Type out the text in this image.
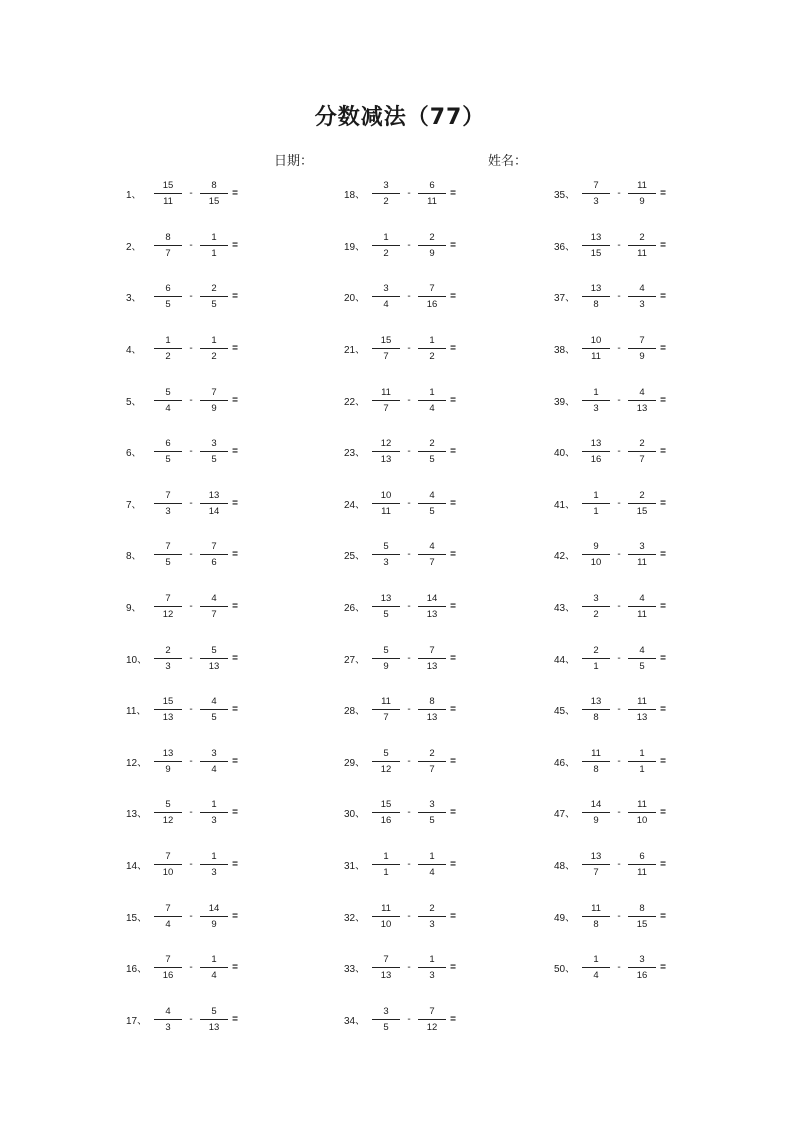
分数减法（77）
日期：	姓名：
1、	$\frac{15}{11} - \frac{8}{15}$ =
2、	$\frac{8}{7} - \frac{1}{1}$ =
3、	$\frac{6}{5} - \frac{2}{5}$ =
4、	$\frac{1}{2} - \frac{1}{2}$ =
5、	$\frac{5}{4} - \frac{7}{9}$ =
6、	$\frac{6}{5} - \frac{3}{5}$ =
7、	$\frac{7}{3} - \frac{13}{14}$ =
8、	$\frac{7}{5} - \frac{7}{6}$ =
9、	$\frac{7}{12} - \frac{4}{7}$ =
10、 $\frac{2}{3} - \frac{5}{13}$ =
11、 $\frac{15}{13} - \frac{4}{5}$ =
12、 $\frac{13}{9} - \frac{3}{4}$ =
13、 $\frac{5}{12} - \frac{1}{3}$ =
14、 $\frac{7}{10} - \frac{1}{3}$ =
15、 $\frac{7}{4} - \frac{14}{9}$ =
16、 $\frac{7}{16} - \frac{1}{4}$ =
17、 $\frac{4}{3} - \frac{5}{13}$ =
18、 $\frac{3}{2} - \frac{6}{11}$ =
19、 $\frac{1}{2} - \frac{2}{9}$ =
20、 $\frac{3}{4} - \frac{7}{16}$ =
21、 $\frac{15}{7} - \frac{1}{2}$ =
22、 $\frac{11}{7} - \frac{1}{4}$ =
23、 $\frac{12}{13} - \frac{2}{5}$ =
24、 $\frac{10}{11} - \frac{4}{5}$ =
25、 $\frac{5}{3} - \frac{4}{7}$ =
26、 $\frac{13}{5} - \frac{14}{13}$ =
27、 $\frac{5}{9} - \frac{7}{13}$ =
28、 $\frac{11}{7} - \frac{8}{13}$ =
29、 $\frac{5}{12} - \frac{2}{7}$ =
30、 $\frac{15}{16} - \frac{3}{5}$ =
31、 $\frac{1}{1} - \frac{1}{4}$ =
32、 $\frac{11}{10} - \frac{2}{3}$ =
33、 $\frac{7}{13} - \frac{1}{3}$ =
34、 $\frac{3}{5} - \frac{7}{12}$ =
35、 $\frac{7}{3} - \frac{11}{9}$ =
36、 $\frac{13}{15} - \frac{2}{11}$ =
37、 $\frac{13}{8} - \frac{4}{3}$ =
38、 $\frac{10}{11} - \frac{7}{9}$ =
39、 $\frac{1}{3} - \frac{4}{13}$ =
40、 $\frac{13}{16} - \frac{2}{7}$ =
41、 $\frac{1}{1} - \frac{2}{15}$ =
42、 $\frac{9}{10} - \frac{3}{11}$ =
43、 $\frac{3}{2} - \frac{4}{11}$ =
44、 $\frac{2}{1} - \frac{4}{5}$ =
45、 $\frac{13}{8} - \frac{11}{13}$ =
46、 $\frac{11}{8} - \frac{1}{1}$ =
47、 $\frac{14}{9} - \frac{11}{10}$ =
48、 $\frac{13}{7} - \frac{6}{11}$ =
49、 $\frac{11}{8} - \frac{8}{15}$ =
50、 $\frac{1}{4} - \frac{3}{16}$ =
